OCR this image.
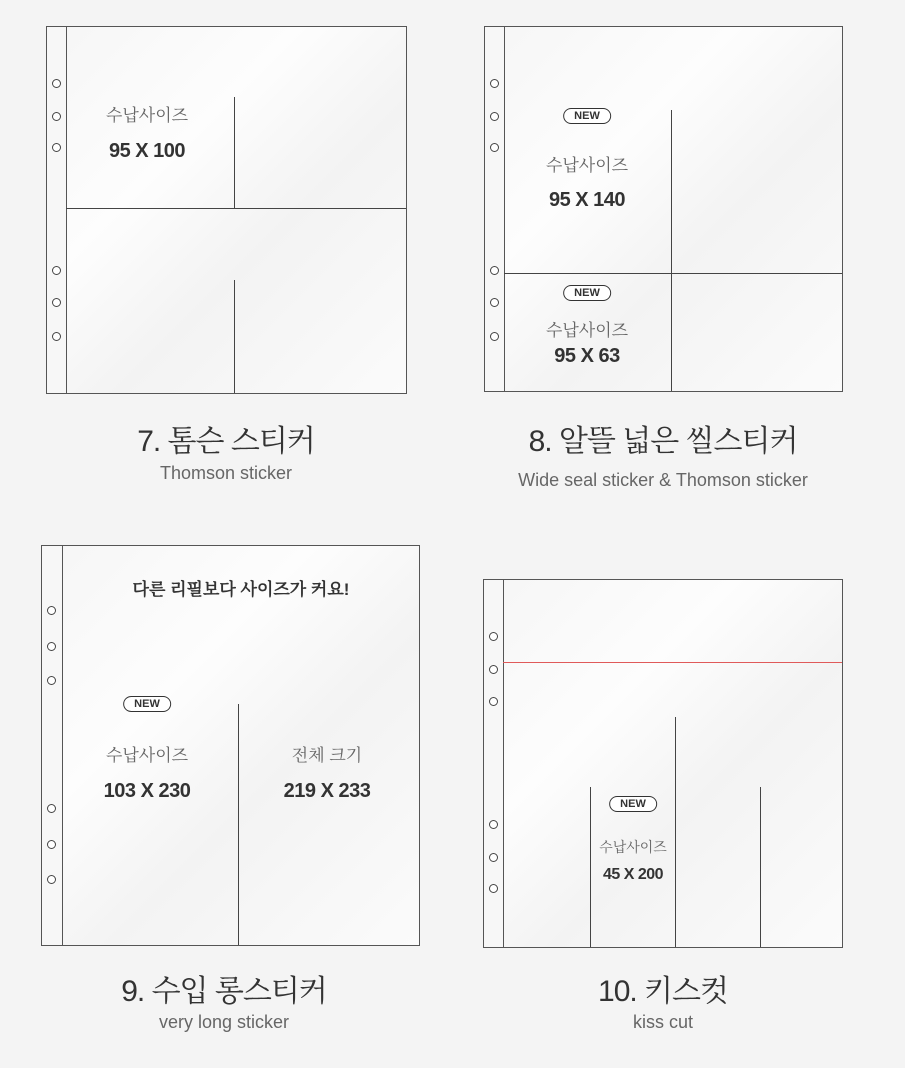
수납사이즈
95 X 100
7. 톰슨 스티커
Thomson sticker
NEW
수납사이즈
95 X 140
NEW
수납사이즈
95 X 63
8. 알뜰 넓은 씰스티커
Wide seal sticker & Thomson sticker
다른 리필보다 사이즈가 커요!
NEW
수납사이즈
103 X 230
전체 크기
219 X 233
9. 수입 롱스티커
very long sticker
NEW
수납사이즈
45 X 200
10. 키스컷
kiss cut
